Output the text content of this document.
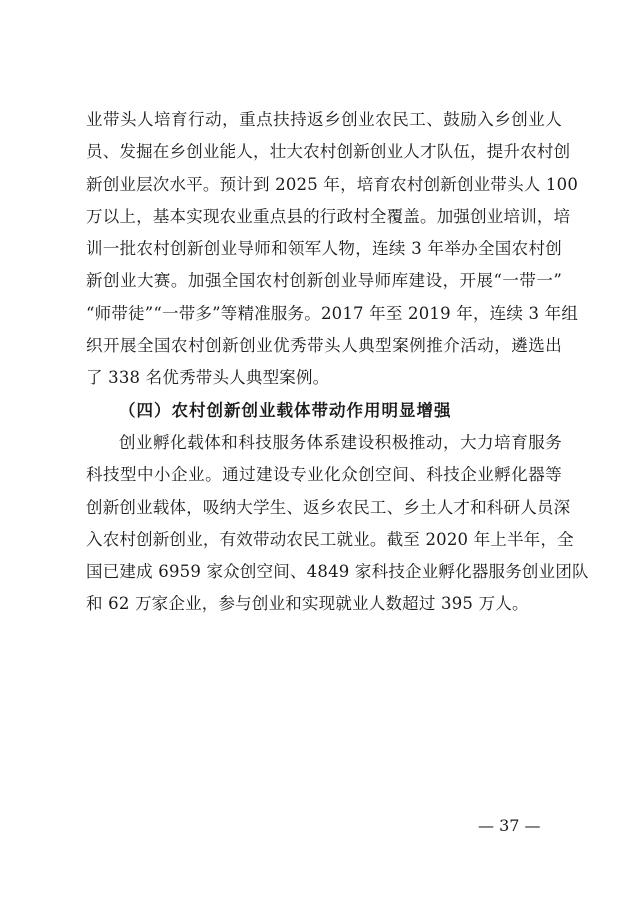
业带头人培育行动，重点扶持返乡创业农民工、鼓励入乡创业人
员、发掘在乡创业能人，壮大农村创新创业人才队伍，提升农村创
新创业层次水平。预计到 2025 年，培育农村创新创业带头人 100
万以上，基本实现农业重点县的行政村全覆盖。加强创业培训，培
训一批农村创新创业导师和领军人物，连续 3 年举办全国农村创
新创业大赛。加强全国农村创新创业导师库建设，开展“一带一”
“师带徒”“一带多”等精准服务。2017 年至 2019 年，连续 3 年组
织开展全国农村创新创业优秀带头人典型案例推介活动，遴选出
了 338 名优秀带头人典型案例。
（四）农村创新创业载体带动作用明显增强
创业孵化载体和科技服务体系建设积极推动，大力培育服务
科技型中小企业。通过建设专业化众创空间、科技企业孵化器等
创新创业载体，吸纳大学生、返乡农民工、乡土人才和科研人员深
入农村创新创业，有效带动农民工就业。截至 2020 年上半年，全
国已建成 6959 家众创空间、4849 家科技企业孵化器服务创业团队
和 62 万家企业，参与创业和实现就业人数超过 395 万人。
— 37 —
